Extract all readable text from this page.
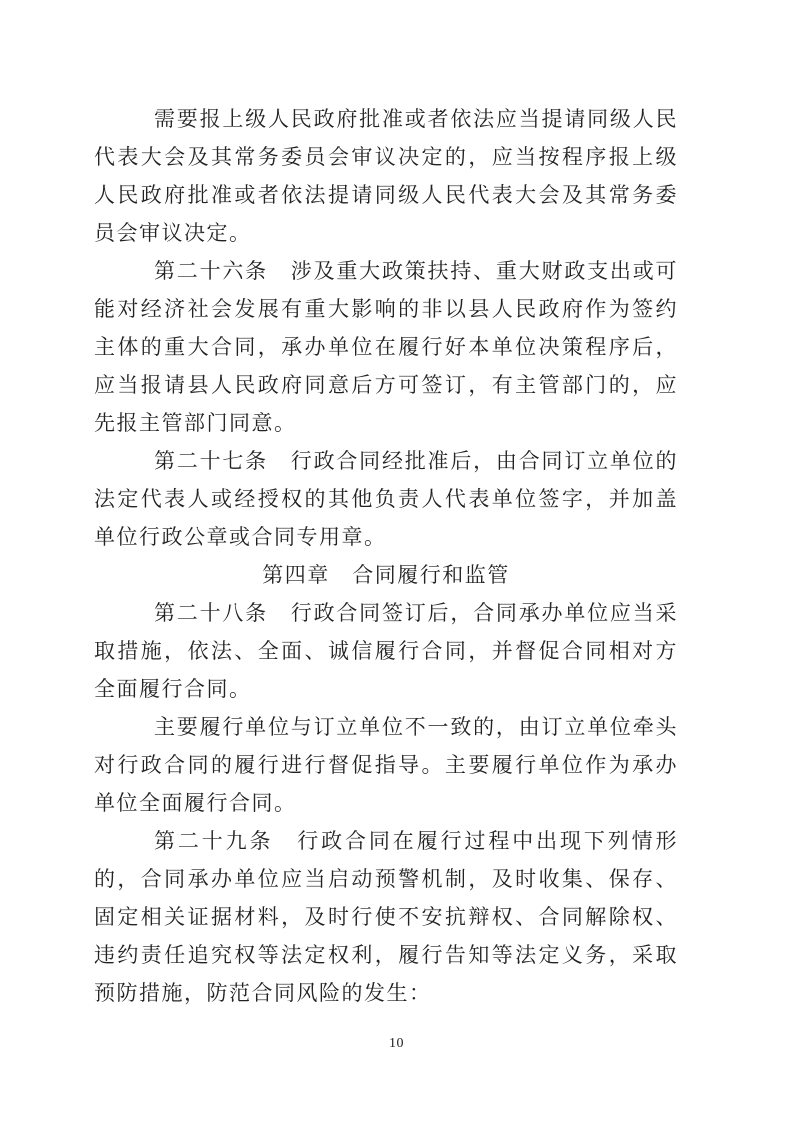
需要报上级人民政府批准或者依法应当提请同级人民代表大会及其常务委员会审议决定的，应当按程序报上级人民政府批准或者依法提请同级人民代表大会及其常务委员会审议决定。

第二十六条　涉及重大政策扶持、重大财政支出或可能对经济社会发展有重大影响的非以县人民政府作为签约主体的重大合同，承办单位在履行好本单位决策程序后，应当报请县人民政府同意后方可签订，有主管部门的，应先报主管部门同意。

第二十七条　行政合同经批准后，由合同订立单位的法定代表人或经授权的其他负责人代表单位签字，并加盖单位行政公章或合同专用章。

第四章　合同履行和监管

第二十八条　行政合同签订后，合同承办单位应当采取措施，依法、全面、诚信履行合同，并督促合同相对方全面履行合同。

主要履行单位与订立单位不一致的，由订立单位牵头对行政合同的履行进行督促指导。主要履行单位作为承办单位全面履行合同。

第二十九条　行政合同在履行过程中出现下列情形的，合同承办单位应当启动预警机制，及时收集、保存、固定相关证据材料，及时行使不安抗辩权、合同解除权、违约责任追究权等法定权利，履行告知等法定义务，采取预防措施，防范合同风险的发生：

10
